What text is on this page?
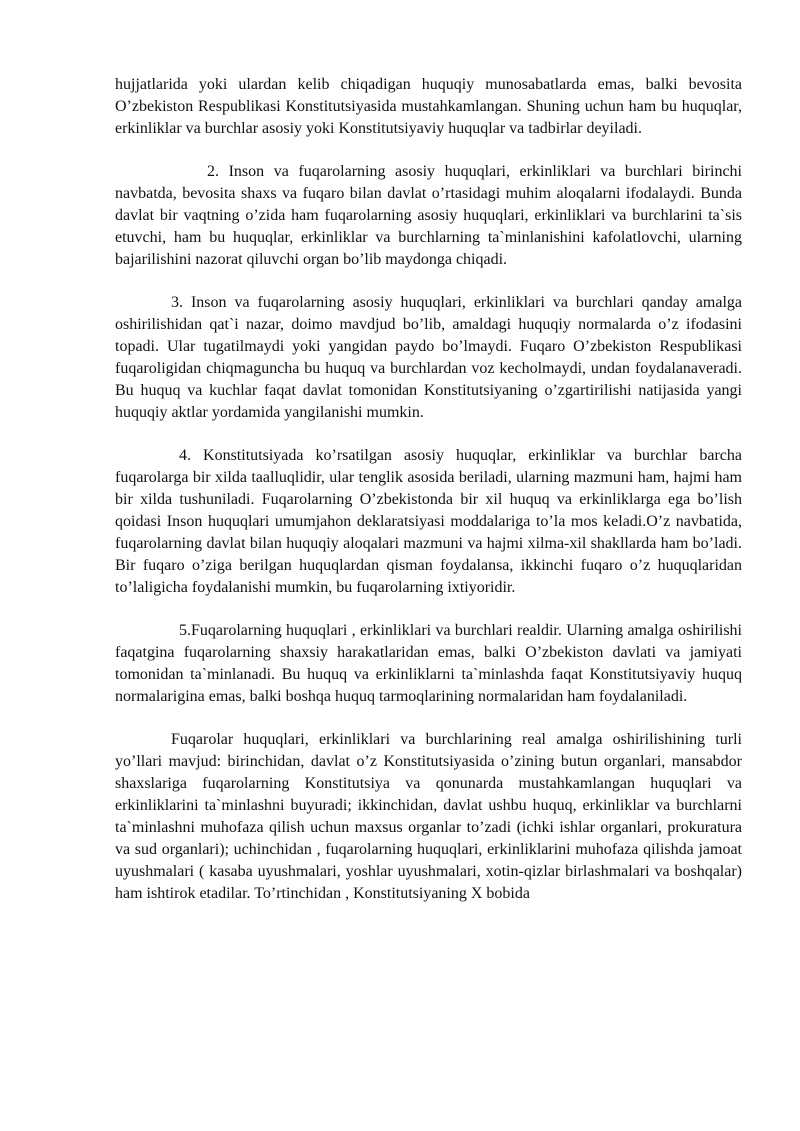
hujjatlarida yoki ulardan kelib chiqadigan huquqiy munosabatlarda emas, balki bevosita O’zbekiston Respublikasi Konstitutsiyasida mustahkamlangan. Shuning uchun ham bu huquqlar, erkinliklar va burchlar asosiy yoki Konstitutsiyaviy huquqlar va tadbirlar deyiladi.

2. Inson va fuqarolarning asosiy huquqlari, erkinliklari va burchlari birinchi navbatda, bevosita shaxs va fuqaro bilan davlat o’rtasidagi muhim aloqalarni ifodalaydi. Bunda davlat bir vaqtning o’zida ham fuqarolarning asosiy huquqlari, erkinliklari va burchlarini ta`sis etuvchi, ham bu huquqlar, erkinliklar va burchlarning ta`minlanishini kafolatlovchi, ularning bajarilishini nazorat qiluvchi organ bo’lib maydonga chiqadi.

3. Inson va fuqarolarning asosiy huquqlari, erkinliklari va burchlari qanday amalga oshirilishidan qat`i nazar, doimo mavdjud bo’lib, amaldagi huquqiy normalarda o’z ifodasini topadi. Ular tugatilmaydi yoki yangidan paydo bo’lmaydi. Fuqaro O’zbekiston Respublikasi fuqaroligidan chiqmaguncha bu huquq va burchlardan voz kecholmaydi, undan foydalanaveradi. Bu huquq va kuchlar faqat davlat tomonidan Konstitutsiyaning o’zgartirilishi natijasida yangi huquqiy aktlar yordamida yangilanishi mumkin.

4. Konstitutsiyada ko’rsatilgan asosiy huquqlar, erkinliklar va burchlar barcha fuqarolarga bir xilda taalluqlidir, ular tenglik asosida beriladi, ularning mazmuni ham, hajmi ham bir xilda tushuniladi. Fuqarolarning O’zbekistonda bir xil huquq va erkinliklarga ega bo’lish qoidasi Inson huquqlari umumjahon deklaratsiyasi moddalariga to’la mos keladi.O’z navbatida, fuqarolarning davlat bilan huquqiy aloqalari mazmuni va hajmi xilma-xil shakllarda ham bo’ladi. Bir fuqaro o’ziga berilgan huquqlardan qisman foydalansa, ikkinchi fuqaro o’z huquqlaridan to’laligicha foydalanishi mumkin, bu fuqarolarning ixtiyoridir.

5.Fuqarolarning huquqlari , erkinliklari va burchlari realdir. Ularning amalga oshirilishi faqatgina fuqarolarning shaxsiy harakatlaridan emas, balki O’zbekiston davlati va jamiyati tomonidan ta`minlanadi. Bu huquq va erkinliklarni ta`minlashda faqat Konstitutsiyaviy huquq normalarigina emas, balki boshqa huquq tarmoqlarining normalaridan ham foydalaniladi.

Fuqarolar huquqlari, erkinliklari va burchlarining real amalga oshirilishining turli yo’llari mavjud: birinchidan, davlat o’z Konstitutsiyasida o’zining butun organlari, mansabdor shaxslariga fuqarolarning Konstitutsiya va qonunarda mustahkamlangan huquqlari va erkinliklarini ta`minlashni buyuradi; ikkinchidan, davlat ushbu huquq, erkinliklar va burchlarni ta`minlashni muhofaza qilish uchun maxsus organlar to’zadi (ichki ishlar organlari, prokuratura va sud organlari); uchinchidan , fuqarolarning huquqlari, erkinliklarini muhofaza qilishda jamoat uyushmalari ( kasaba uyushmalari, yoshlar uyushmalari, xotin-qizlar birlashmalari va boshqalar) ham ishtirok etadilar. To’rtinchidan , Konstitutsiyaning X bobida
